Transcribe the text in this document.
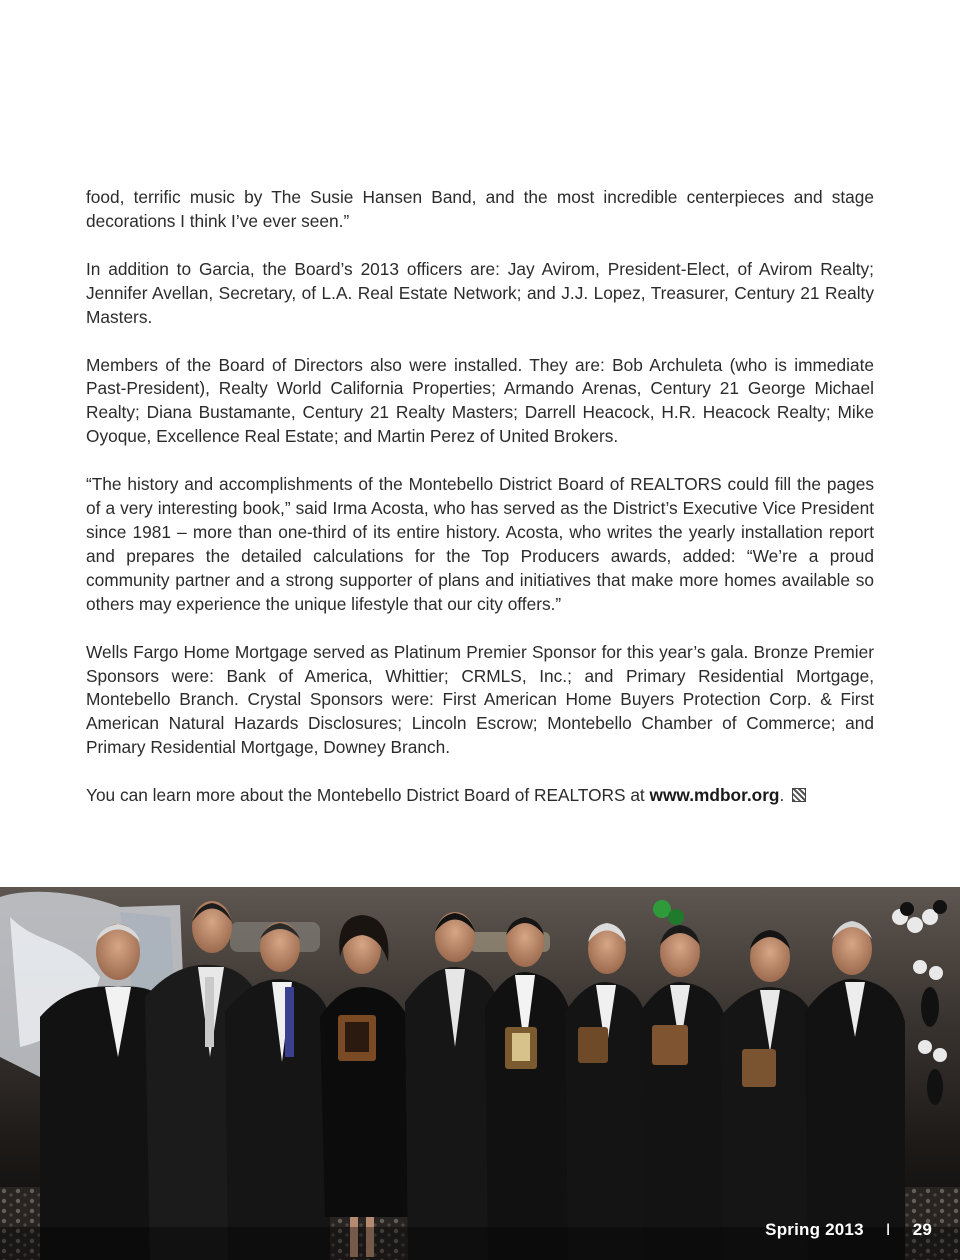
food, terrific music by The Susie Hansen Band, and the most incredible centerpieces and stage decorations I think I’ve ever seen.”

In addition to Garcia, the Board’s 2013 officers are: Jay Avirom, President-Elect, of Avirom Realty; Jennifer Avellan, Secretary, of L.A. Real Estate Network; and J.J. Lopez, Treasurer, Century 21 Realty Masters.

Members of the Board of Directors also were installed. They are: Bob Archuleta (who is immediate Past-President), Realty World California Properties; Armando Arenas, Century 21 George Michael Realty; Diana Bustamante, Century 21 Realty Masters; Darrell Heacock, H.R. Heacock Realty; Mike Oyoque, Excellence Real Estate; and Martin Perez of United Brokers.

“The history and accomplishments of the Montebello District Board of REALTORS could fill the pages of a very interesting book,” said Irma Acosta, who has served as the District’s Executive Vice President since 1981 – more than one-third of its entire history. Acosta, who writes the yearly installation report and prepares the detailed calculations for the Top Producers awards, added: “We’re a proud community partner and a strong supporter of plans and initiatives that make more homes available so others may experience the unique lifestyle that our city offers.”

Wells Fargo Home Mortgage served as Platinum Premier Sponsor for this year’s gala. Bronze Premier Sponsors were: Bank of America, Whittier; CRMLS, Inc.; and Primary Residential Mortgage, Montebello Branch. Crystal Sponsors were: First American Home Buyers Protection Corp. & First American Natural Hazards Disclosures; Lincoln Escrow; Montebello Chamber of Commerce; and Primary Residential Mortgage, Downey Branch.

You can learn more about the Montebello District Board of REALTORS at www.mdbor.org.

Spring 2013 I 29
